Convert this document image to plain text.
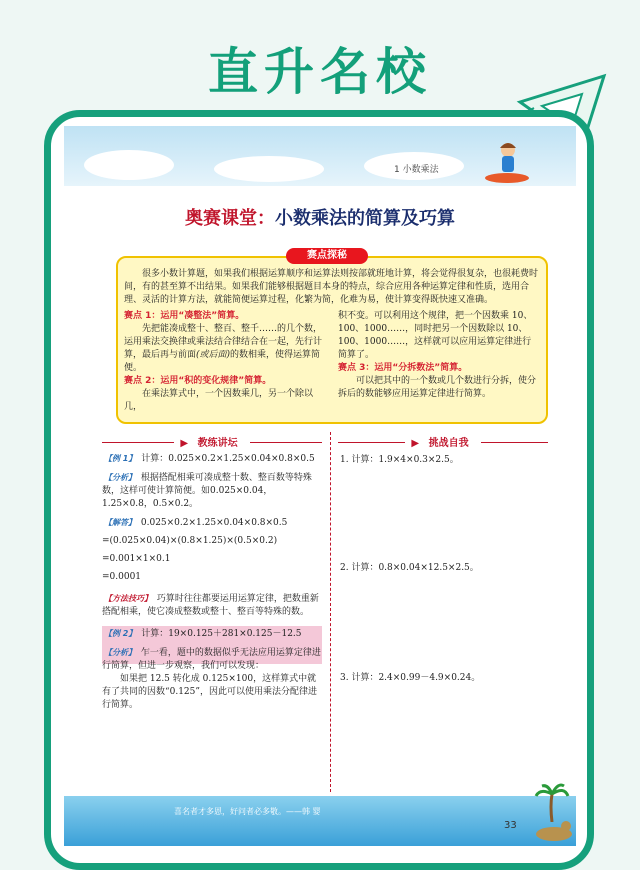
直升名校
1 小数乘法
奥赛课堂：小数乘法的简算及巧算
赛点探秘
很多小数计算题，如果我们根据运算顺序和运算法则按部就班地计算，将会觉得很复杂，也很耗费时间，有的甚至算不出结果。如果我们能够根据题目本身的特点，综合应用各种运算定律和性质，选用合理、灵活的计算方法，就能简便运算过程，化繁为简，化难为易，使计算变得既快速又准确。
赛点 1：运用“凑整法”简算。
先把能凑成整十、整百、整千……的几个数，运用乘法交换律或乘法结合律结合在一起，先行计算，最后再与前面(或后面)的数相乘，使得运算简便。
赛点 2：运用“积的变化规律”简算。
在乘法算式中，一个因数乘几，另一个除以几，
积不变。可以利用这个规律，把一个因数乘 10、100、1000……，同时把另一个因数除以 10、100、1000……，这样就可以应用运算定律进行简算了。
赛点 3：运用“分拆数法”简算。
可以把其中的一个数或几个数进行分拆，使分拆后的数能够应用运算定律进行简算。
▶ 教练讲坛	▶ 挑战自我
【例 1】 计算：0.025×0.2×1.25×0.04×0.8×0.5
【分析】 根据搭配相乘可凑成整十数、整百数等特殊数，这样可使计算简便。如0.025×0.04，1.25×0.8，0.5×0.2。
【解答】 0.025×0.2×1.25×0.04×0.8×0.5
=(0.025×0.04)×(0.8×1.25)×(0.5×0.2)
=0.001×1×0.1
=0.0001
【方法技巧】 巧算时往往都要运用运算定律，把数重新搭配相乘，使它凑成整数或整十、整百等特殊的数。
【例 2】 计算：19×0.125＋281×0.125－12.5
【分析】 乍一看，题中的数据似乎无法应用运算定律进行简算，但进一步观察，我们可以发现：
如果把 12.5 转化成 0.125×100，这样算式中就有了共同的因数“0.125”，因此可以使用乘法分配律进行简算。
1. 计算：1.9×4×0.3×2.5。
2. 计算：0.8×0.04×12.5×2.5。
3. 计算：2.4×0.99－4.9×0.24。
喜名者才多恩，好问者必多敬。——韩 婴
33
